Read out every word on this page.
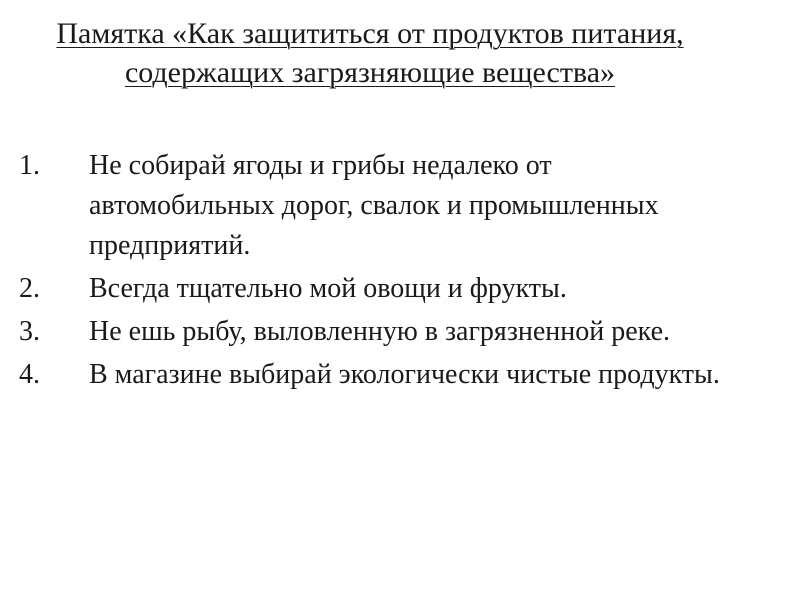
Памятка «Как защититься от продуктов питания, содержащих загрязняющие вещества»
1. Не собирай ягоды и грибы недалеко от автомобильных дорог, свалок и промышленных предприятий.
2. Всегда тщательно мой овощи и фрукты.
3. Не ешь рыбу, выловленную в загрязненной реке.
4. В магазине выбирай экологически чистые продукты.
